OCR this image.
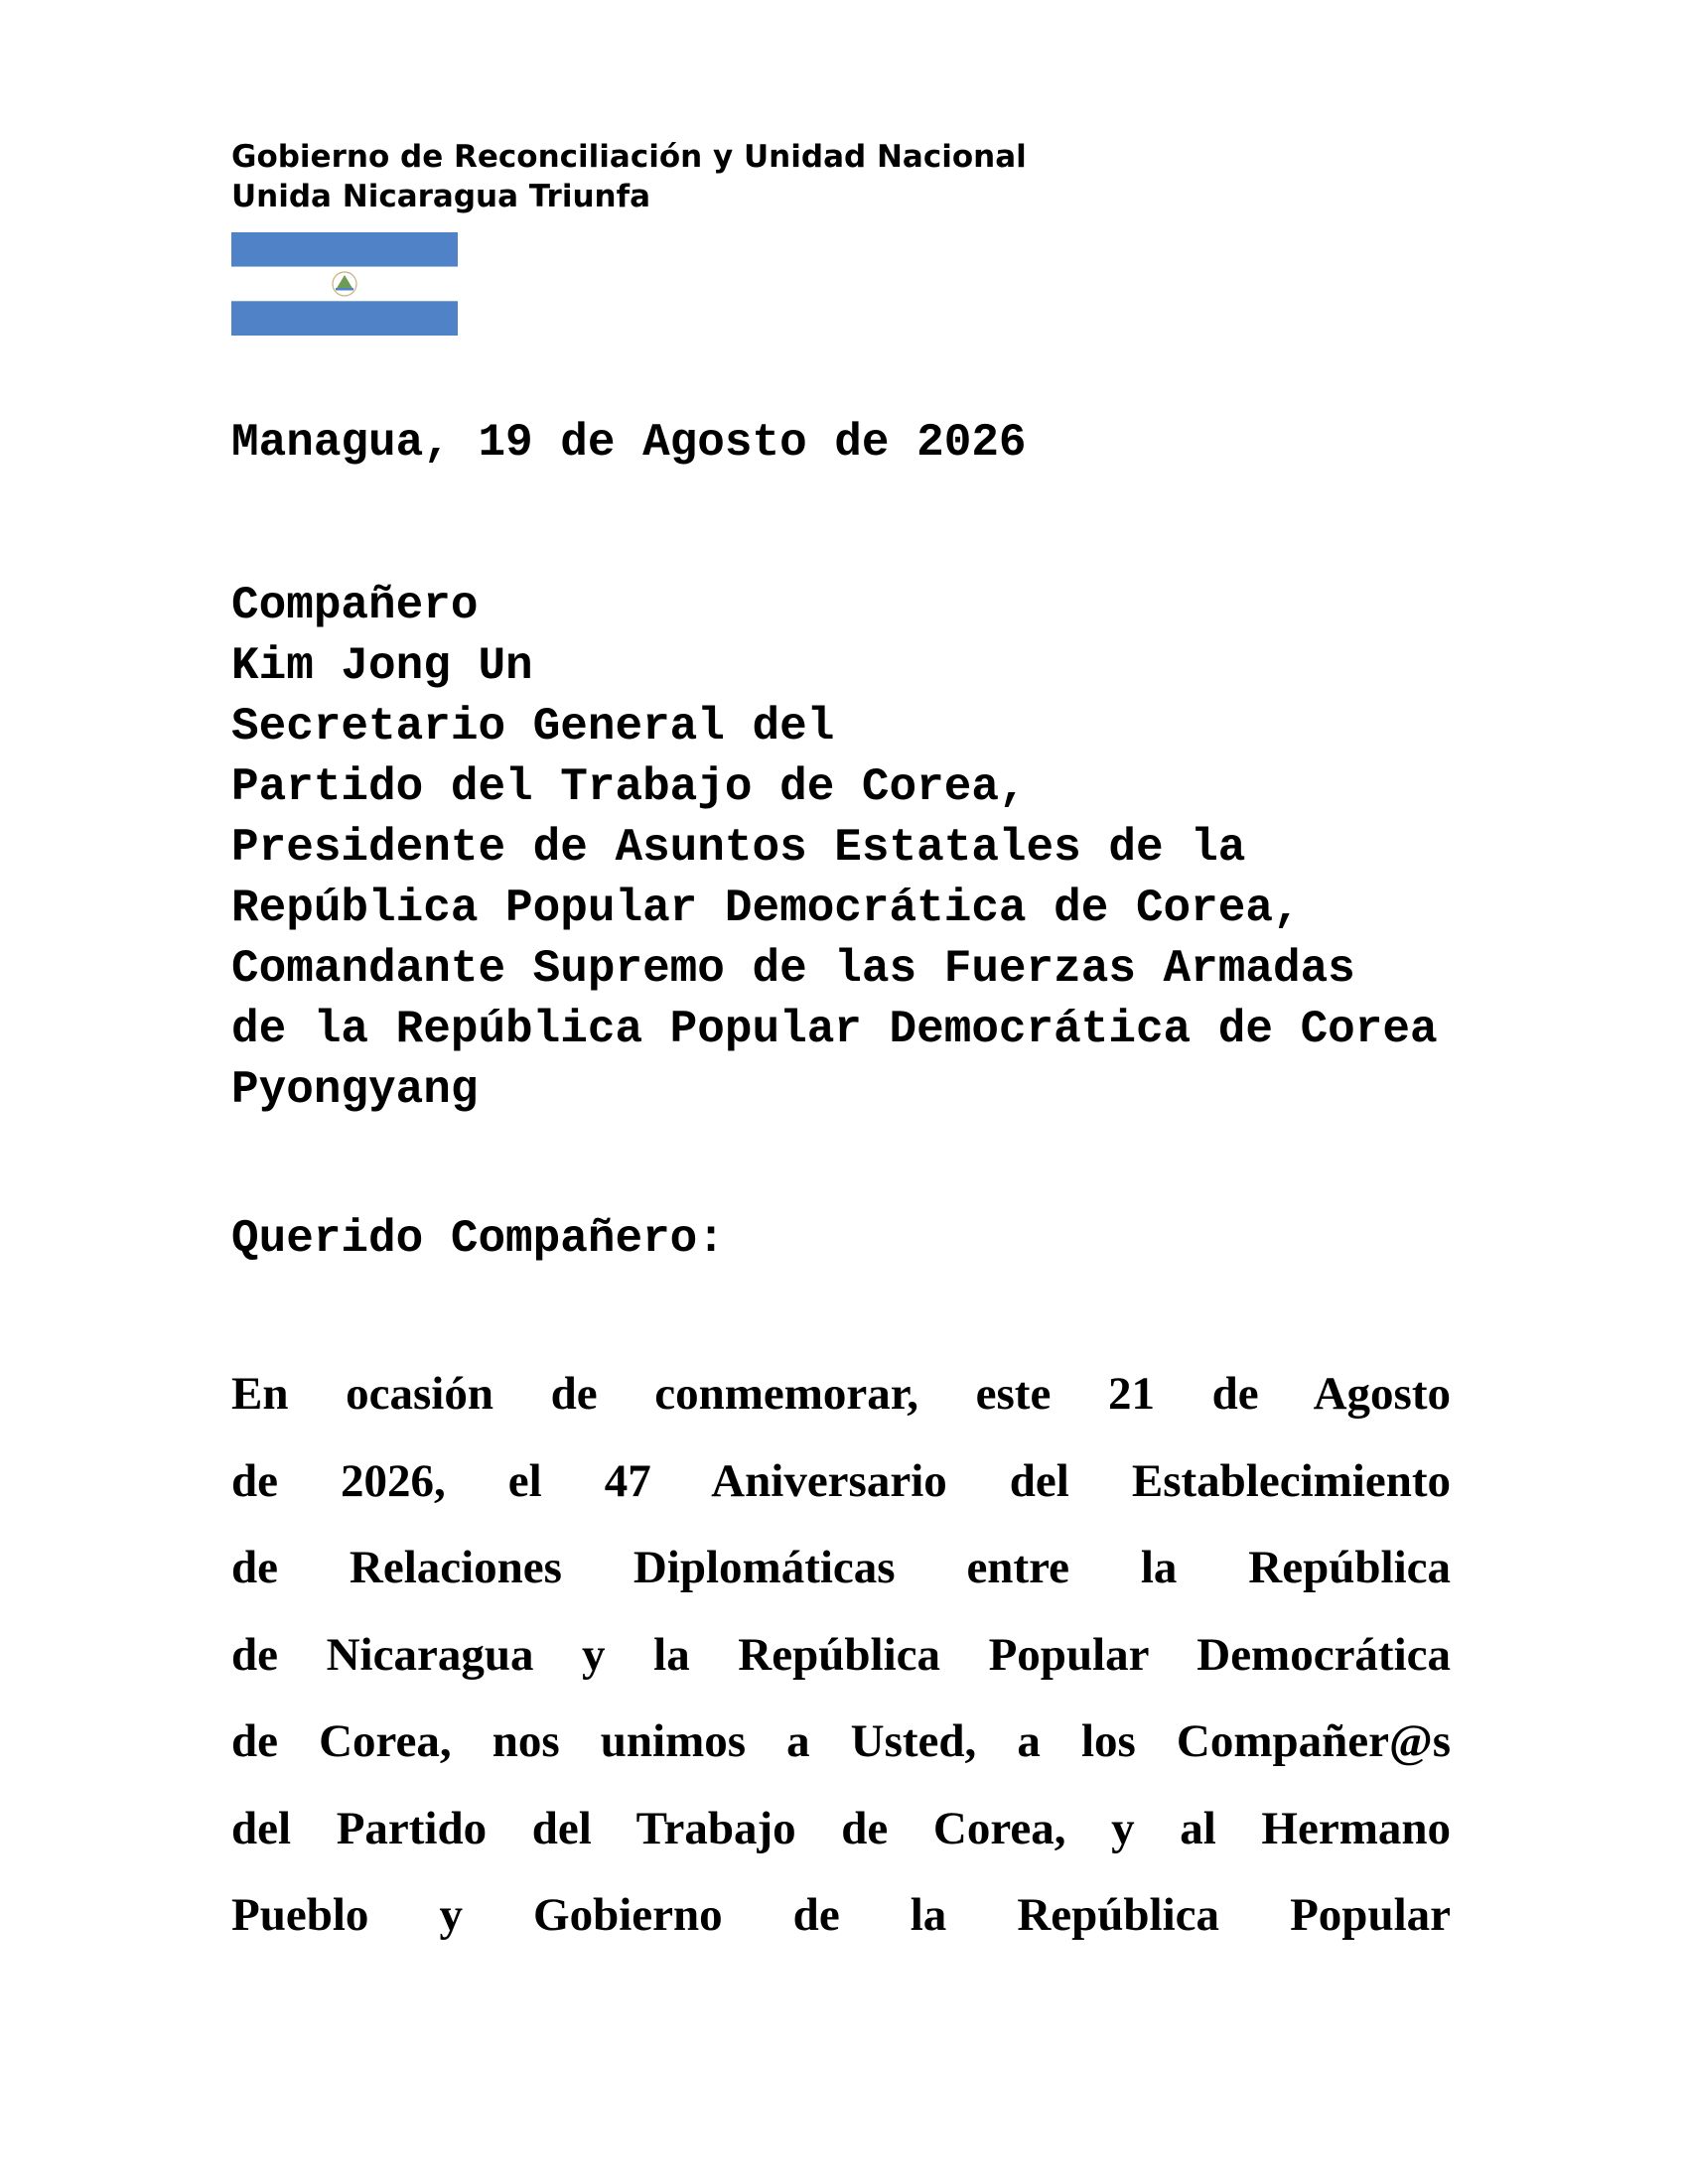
Gobierno de Reconciliación y Unidad Nacional
Unida Nicaragua Triunfa
Managua, 19 de Agosto de 2026
Compañero
Kim Jong Un
Secretario General del
Partido del Trabajo de Corea,
Presidente de Asuntos Estatales de la
República Popular Democrática de Corea,
Comandante Supremo de las Fuerzas Armadas
de la República Popular Democrática de Corea
Pyongyang
Querido Compañero:
En ocasión de conmemorar, este 21 de Agosto
de 2026, el 47 Aniversario del Establecimiento
de Relaciones Diplomáticas entre la República
de Nicaragua y la República Popular Democrática
de Corea, nos unimos a Usted, a los Compañer@s
del Partido del Trabajo de Corea, y al Hermano
Pueblo y Gobierno de la República Popular
